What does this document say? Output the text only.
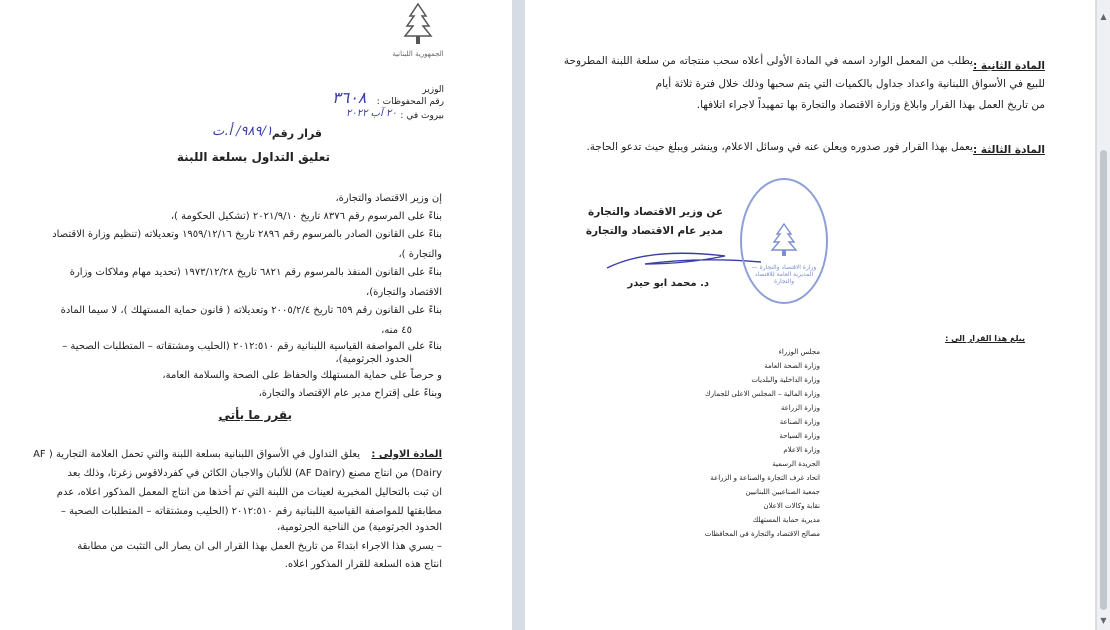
الجمهورية اللبنانية
الوزير
رقم المحفوظات :
٣٦٠٨
بيروت في :
٢٠ آب ٢٠٢٢
قرار رقم
٩٨٩/١/ أ.ت
تعليق التداول بسلعة اللبنة
إن وزير الاقتصاد والتجارة،
بناءً على المرسوم رقم ٨٣٧٦ تاريخ ٢٠٢١/٩/١٠ (تشكيل الحكومة )،
بناءً على القانون الصادر بالمرسوم رقم ٢٨٩٦ تاريخ ١٩٥٩/١٢/١٦ وتعديلاته (تنظيم وزارة الاقتصاد
والتجارة )،
بناءً على القانون المنفذ بالمرسوم رقم ٦٨٢١ تاريخ ١٩٧٣/١٢/٢٨ (تحديد مهام وملاكات وزارة
الاقتصاد والتجارة)،
بناءً على القانون رقم ٦٥٩ تاريخ ٢٠٠٥/٢/٤ وتعديلاته ( قانون حماية المستهلك )، لا سيما المادة
٤٥ منه،
بناءً على المواصفة القياسية اللبنانية رقم ٢٠١٢:٥١٠ (الحليب ومشتقاته – المتطلبات الصحية –
الحدود الجرثومية)،
و حرصاً على حماية المستهلك والحفاظ على الصحة والسلامة العامة،
وبناءً على إقتراح مدير عام الإقتصاد والتجارة،
يقرر ما يأتي
المادة الاولى :
يعلق التداول في الأسواق اللبنانية بسلعة اللبنة والتي تحمل العلامة التجارية ( AF
Dairy) من انتاج مصنع (AF Dairy) للألبان والاجبان الكائن في كفردلاقوس زغرتا، وذلك بعد
ان ثبت بالتحاليل المخبرية لعينات من اللبنة التي تم أخذها من انتاج المعمل المذكور اعلاه، عدم
مطابقتها للمواصفة القياسية اللبنانية رقم ٢٠١٢:٥١٠ (الحليب ومشتقاته – المتطلبات الصحية –
الحدود الجرثومية) من الناحية الجرثومية،
– يسري هذا الاجراء ابتداءً من تاريخ العمل بهذا القرار الى ان يصار الى التثبت من مطابقة
انتاج هذه السلعة للقرار المذكور اعلاه.
المادة الثانية :
يطلب من المعمل الوارد اسمه في المادة الأولى أعلاه سحب منتجاته من سلعة اللبنة المطروحة
للبيع في الأسواق اللبنانية واعداد جداول بالكميات التي يتم سحبها وذلك خلال فترة ثلاثة أيام
من تاريخ العمل بهذا القرار وابلاغ وزارة الاقتصاد والتجارة بها تمهيداً لاجراء اتلافها.
المادة الثالثة :
يعمل بهذا القرار فور صدوره ويعلن عنه في وسائل الاعلام، وينشر ويبلغ حيث تدعو الحاجة.
عن وزير الاقتصاد والتجارة
مدير عام الاقتصاد والتجارة
د. محمد ابو حيدر
يبلغ هذا القرار الى :
مجلس الوزراء
وزارة الصحة العامة
وزارة الداخلية والبلديات
وزارة المالية – المجلس الاعلى للجمارك
وزارة الزراعة
وزارة الصناعة
وزارة السياحة
وزارة الاعلام
الجريدة الرسمية
اتحاد غرف التجارة والصناعة و الزراعة
جمعية الصناعيين اللبنانيين
نقابة وكالات الاعلان
مديرية حماية المستهلك
مصالح الاقتصاد والتجارة في المحافظات
وزارة الاقتصاد والتجارة — المديرية العامة للاقتصاد والتجارة
▲
▼
